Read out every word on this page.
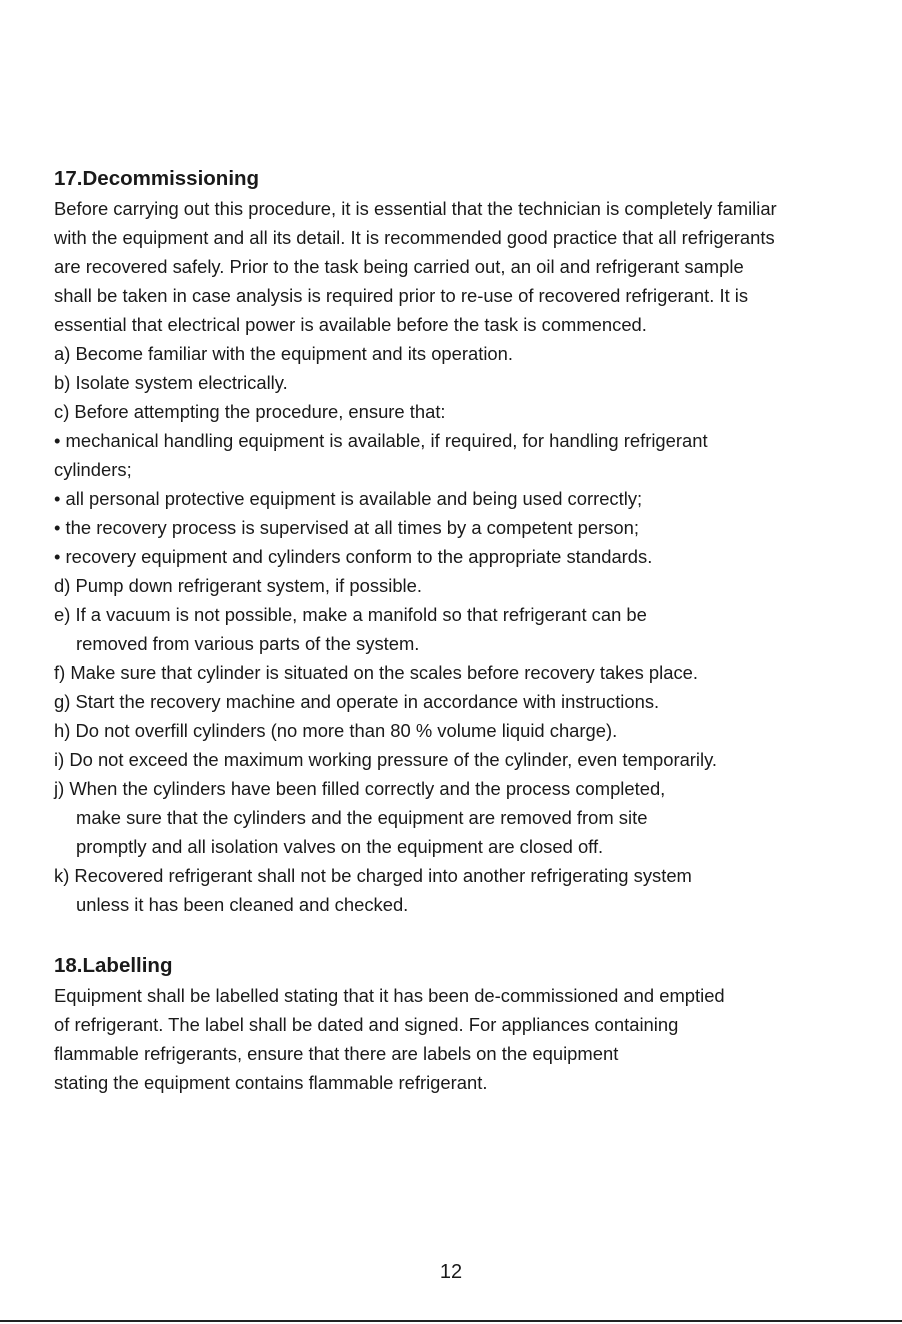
17.Decommissioning

Before carrying out this procedure, it is essential that the technician is completely familiar

with the equipment and all its detail. It is recommended good practice that all refrigerants

are recovered safely. Prior to the task being carried out, an oil and refrigerant sample

shall be taken in case analysis is required prior to re-use of recovered refrigerant. It is

essential that electrical power is available before the task is commenced.

a) Become familiar with the equipment and its operation.

b) Isolate system electrically.

c) Before attempting the procedure, ensure that:

• mechanical handling equipment is available, if required, for handling refrigerant

cylinders;

• all personal protective equipment is available and being used correctly;

• the recovery process is supervised at all times by a competent person;

• recovery equipment and cylinders conform to the appropriate standards.

d) Pump down refrigerant system, if possible.

e) If a vacuum is not possible, make a manifold so that refrigerant can be

removed from various parts of the system.

f) Make sure that cylinder is situated on the scales before recovery takes place.

g) Start the recovery machine and operate in accordance with instructions.

h) Do not overfill cylinders (no more than 80 % volume liquid charge).

i) Do not exceed the maximum working pressure of the cylinder, even temporarily.

j) When the cylinders have been filled correctly and the process completed,

make sure that the cylinders and the equipment are removed from site

promptly and all isolation valves on the equipment are closed off.

k) Recovered refrigerant shall not be charged into another refrigerating system

unless it has been cleaned and checked.

18.Labelling

Equipment shall be labelled stating that it has been de-commissioned and emptied

of refrigerant. The label shall be dated and signed. For appliances containing

flammable refrigerants, ensure that there are labels on the equipment

stating the equipment contains flammable refrigerant.

12
